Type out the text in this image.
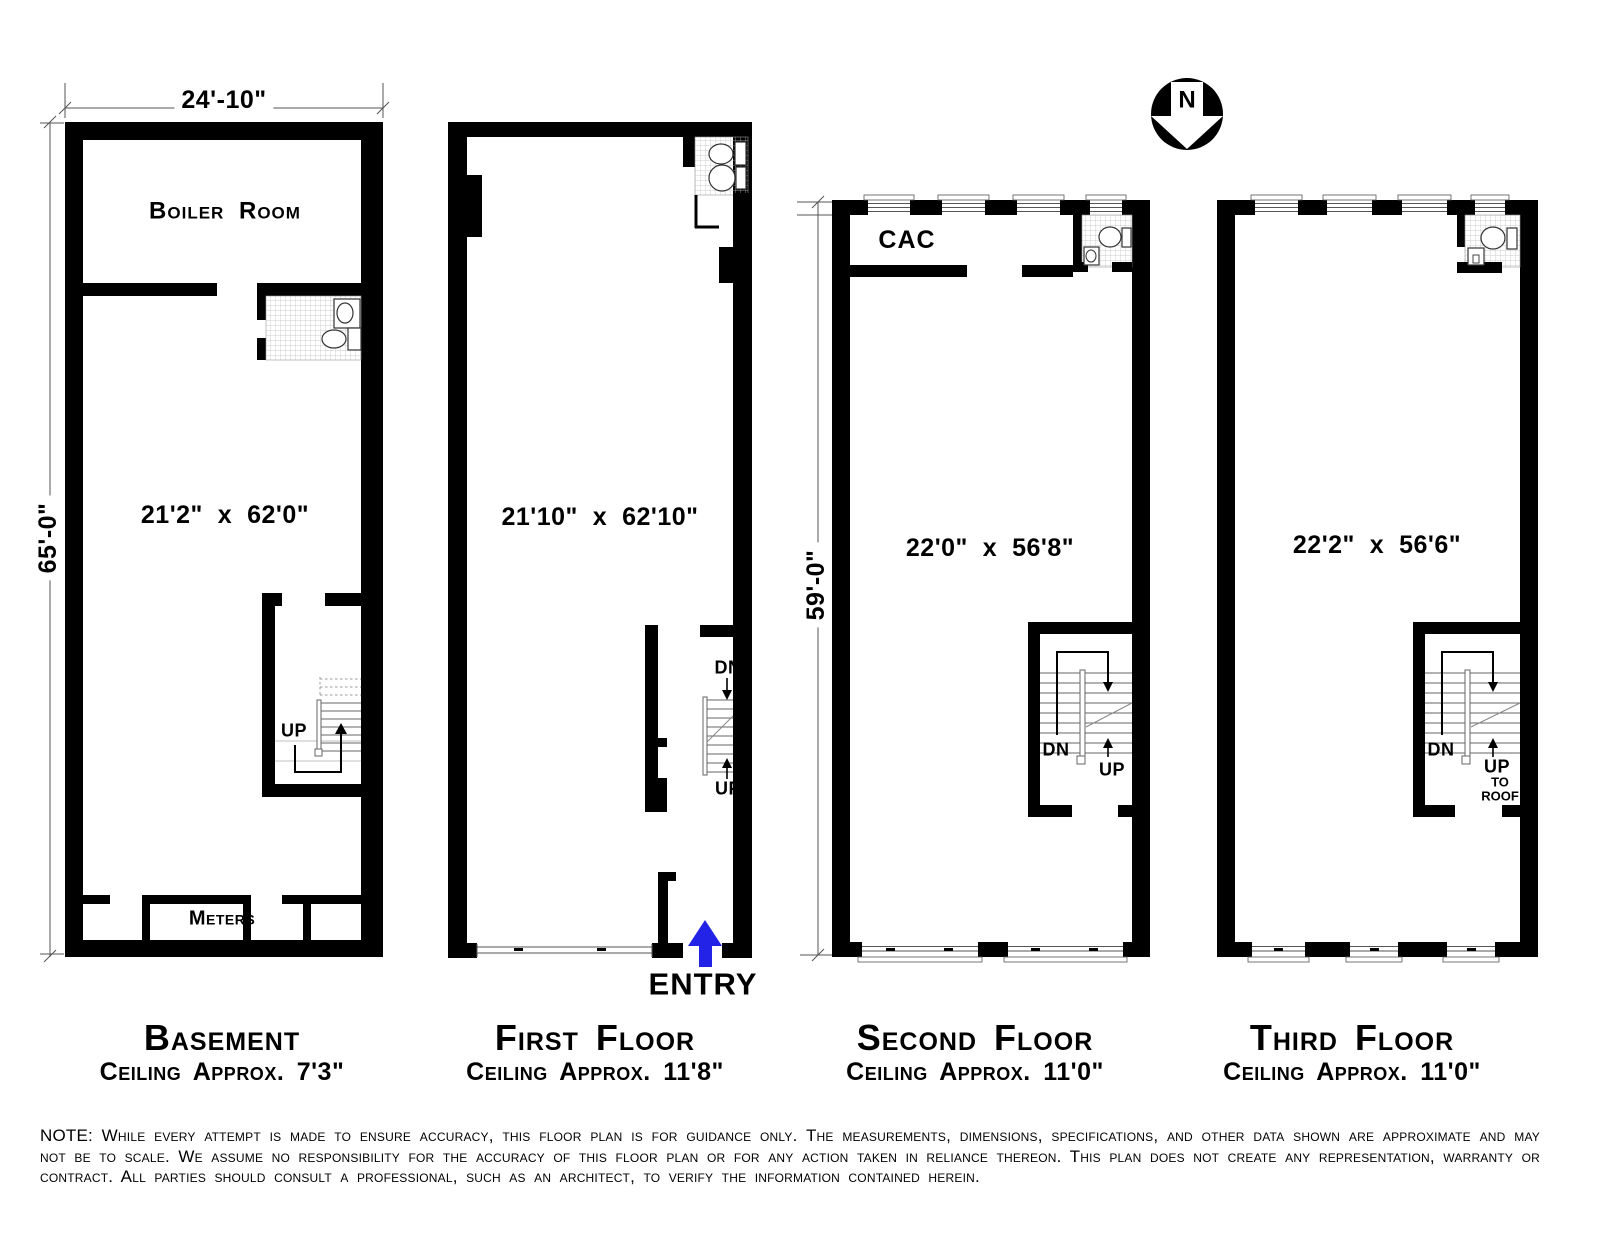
24'-10"
65'-0"
Boiler Room
21'2"  x  62'0"
UP
Meters
Basement
Ceiling Approx. 7'3"
21'10"  x  62'10"
DN
UP
ENTRY
First Floor
Ceiling Approx. 11'8"
59'-0"
CAC
22'0"  x  56'8"
DN
UP
Second Floor
Ceiling Approx. 11'0"
22'2"  x  56'6"
DN
UP
TO ROOF
Third Floor
Ceiling Approx. 11'0"
N
NOTE: While every attempt is made to ensure accuracy, this floor plan is for guidance only. The measurements, dimensions, specifications, and other data shown are approximate and may not be to scale. We assume no responsibility for the accuracy of this floor plan or for any action taken in reliance thereon. This plan does not create any representation, warranty or contract. All parties should consult a professional, such as an architect, to verify the information contained herein.
